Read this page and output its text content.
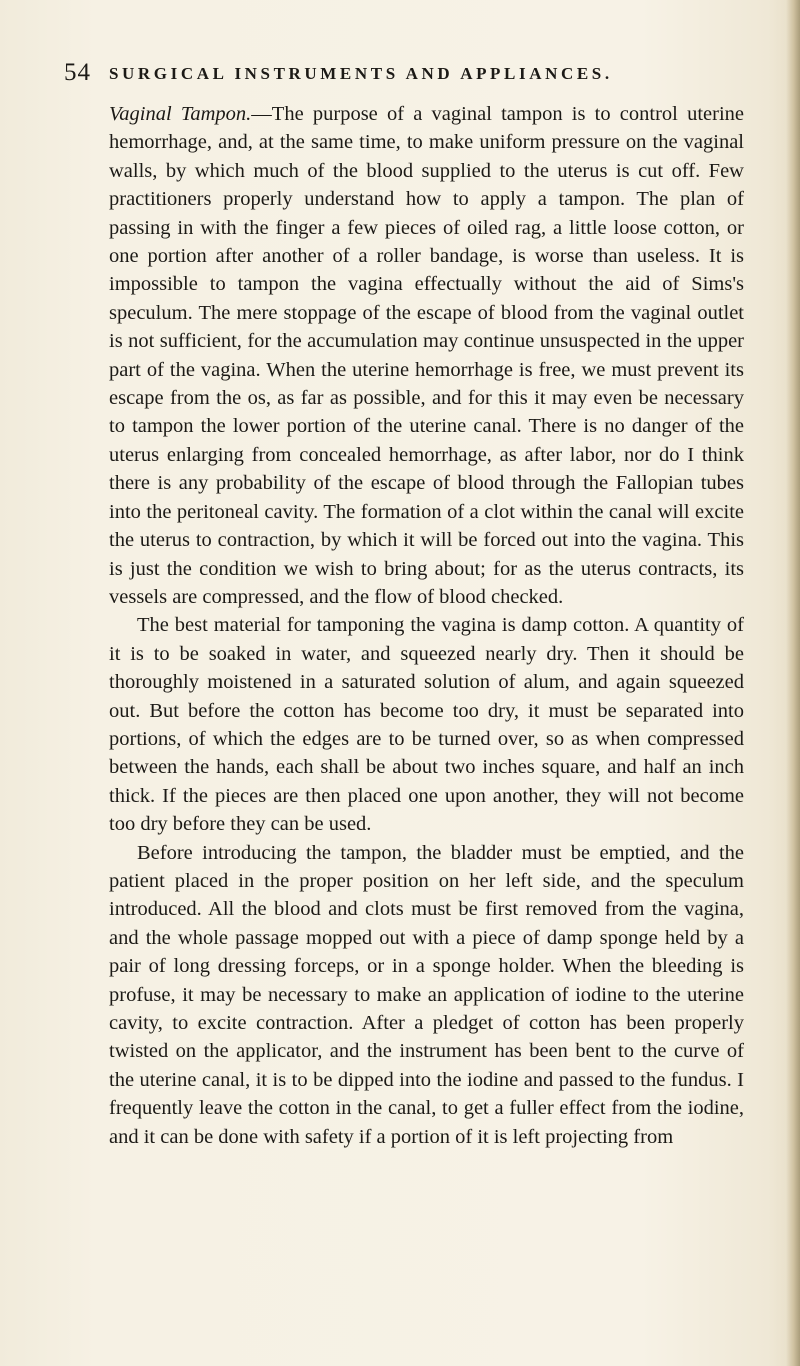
54 SURGICAL INSTRUMENTS AND APPLIANCES.

Vaginal Tampon.—The purpose of a vaginal tampon is to control uterine hemorrhage, and, at the same time, to make uniform pressure on the vaginal walls, by which much of the blood supplied to the uterus is cut off. Few practitioners properly understand how to apply a tampon. The plan of passing in with the finger a few pieces of oiled rag, a little loose cotton, or one portion after another of a roller bandage, is worse than useless. It is impossible to tampon the vagina effectually without the aid of Sims's speculum. The mere stoppage of the escape of blood from the vaginal outlet is not sufficient, for the accumulation may continue unsuspected in the upper part of the vagina. When the uterine hemorrhage is free, we must prevent its escape from the os, as far as possible, and for this it may even be necessary to tampon the lower portion of the uterine canal. There is no danger of the uterus enlarging from concealed hemorrhage, as after labor, nor do I think there is any probability of the escape of blood through the Fallopian tubes into the peritoneal cavity. The formation of a clot within the canal will excite the uterus to contraction, by which it will be forced out into the vagina. This is just the condition we wish to bring about; for as the uterus contracts, its vessels are compressed, and the flow of blood checked.

The best material for tamponing the vagina is damp cotton. A quantity of it is to be soaked in water, and squeezed nearly dry. Then it should be thoroughly moistened in a saturated solution of alum, and again squeezed out. But before the cotton has become too dry, it must be separated into portions, of which the edges are to be turned over, so as when compressed between the hands, each shall be about two inches square, and half an inch thick. If the pieces are then placed one upon another, they will not become too dry before they can be used.

Before introducing the tampon, the bladder must be emptied, and the patient placed in the proper position on her left side, and the speculum introduced. All the blood and clots must be first removed from the vagina, and the whole passage mopped out with a piece of damp sponge held by a pair of long dressing forceps, or in a sponge holder. When the bleeding is profuse, it may be necessary to make an application of iodine to the uterine cavity, to excite contraction. After a pledget of cotton has been properly twisted on the applicator, and the instrument has been bent to the curve of the uterine canal, it is to be dipped into the iodine and passed to the fundus. I frequently leave the cotton in the canal, to get a fuller effect from the iodine, and it can be done with safety if a portion of it is left projecting from
